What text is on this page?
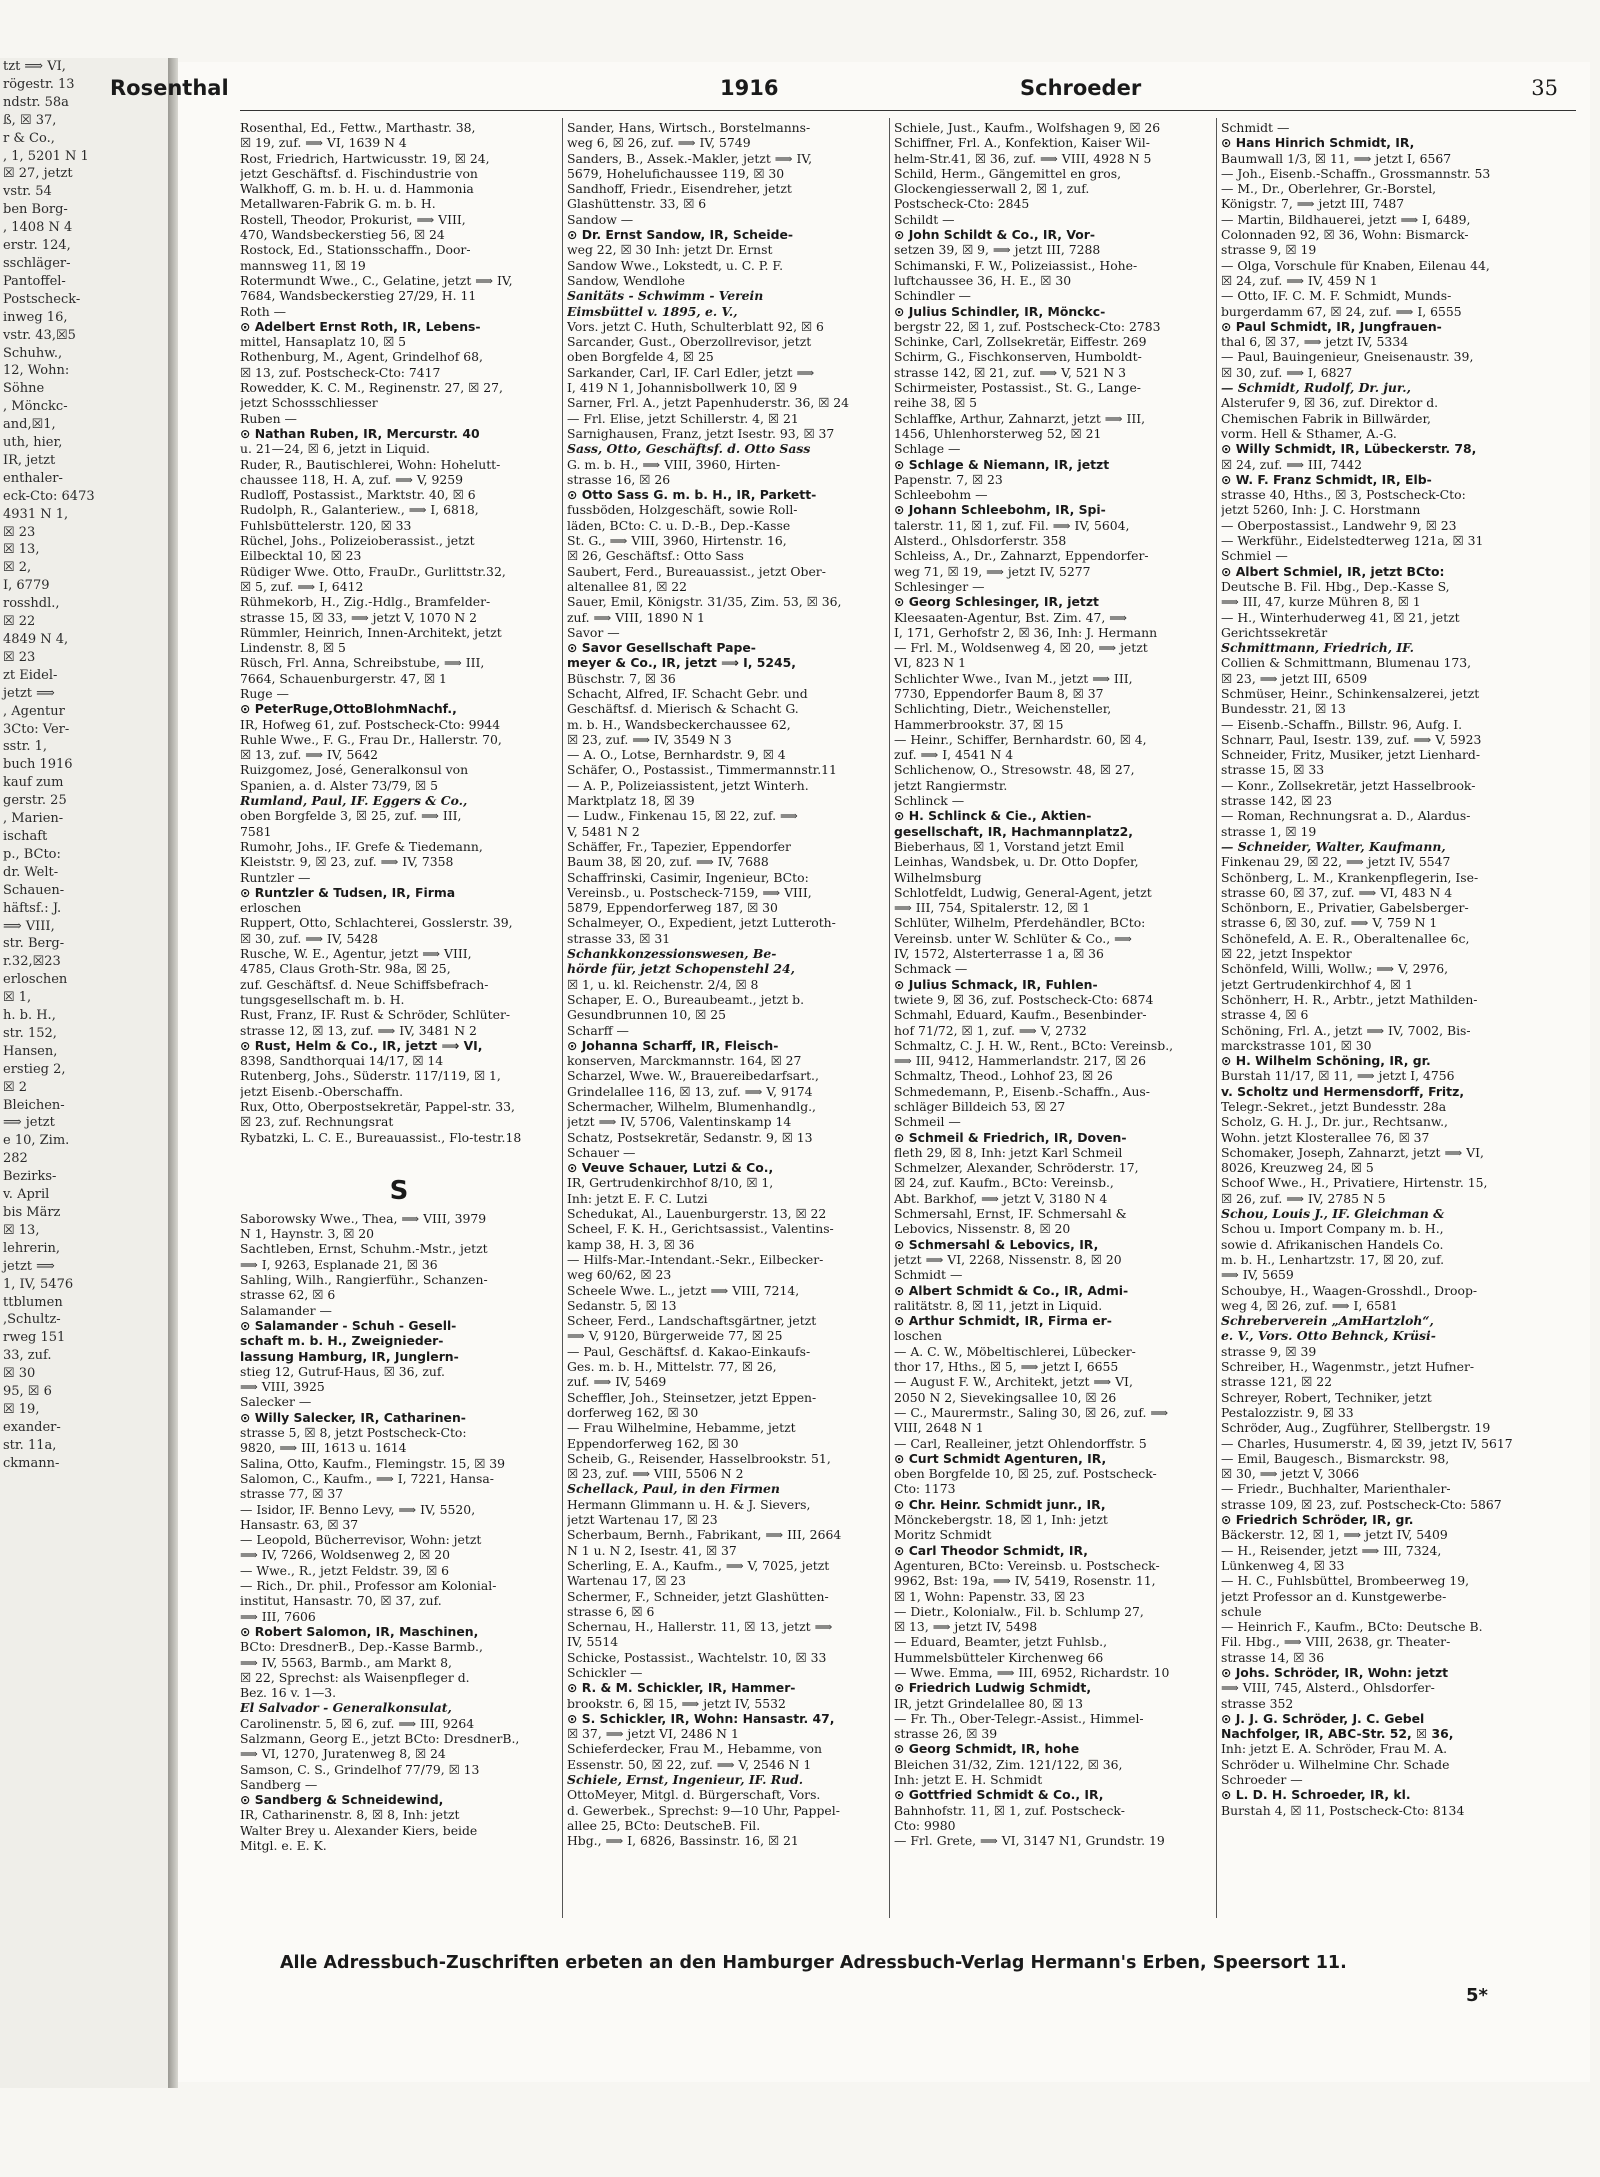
tzt ⟹ VI,
rögestr. 13
ndstr. 58a
ß, ☒ 37,
r & Co.,
, 1, 5201 N 1
☒ 27, jetzt
vstr. 54
ben Borg-
, 1408 N 4
erstr. 124,
sschläger-
Pantoffel-
Postscheck-
inweg 16,
vstr. 43,☒5
Schuhw.,
12, Wohn:
Söhne
, Mönckc-
and,☒1,
uth, hier,
IR, jetzt
enthaler-
eck-Cto: 6473
4931 N 1,
☒ 23
☒ 13,
☒ 2,
I, 6779
rosshdl.,
☒ 22
4849 N 4,
☒ 23
zt Eidel-
jetzt ⟹
, Agentur
3Cto: Ver-
sstr. 1,
buch 1916
kauf zum
gerstr. 25
, Marien-
ischaft
p., BCto:
dr. Welt-
Schauen-
häftsf.: J.
⟹ VIII,
str. Berg-
r.32,☒23
erloschen
☒ 1,
h. b. H.,
str. 152,
Hansen,
erstieg 2,
☒ 2
Bleichen-
⟹ jetzt
e 10, Zim.
282
Bezirks-
v. April
bis März
☒ 13,
lehrerin,
jetzt ⟹
1, IV, 5476
ttblumen
,Schultz-
rweg 151
33, zuf.
☒ 30
95, ☒ 6
☒ 19,
exander-
str. 11a,
ckmann-
Rosenthal	1916	Schroeder	35
Rosenthal, Ed., Fettw., Marthastr. 38,
☒ 19, zuf. ⟹ VI, 1639 N 4
Rost, Friedrich, Hartwicusstr. 19, ☒ 24,
jetzt Geschäftsf. d. Fischindustrie von
Walkhoff, G. m. b. H. u. d. Hammonia
Metallwaren-Fabrik G. m. b. H.
Rostell, Theodor, Prokurist, ⟹ VIII,
470, Wandsbeckerstieg 56, ☒ 24
Rostock, Ed., Stationsschaffn., Door-
mannsweg 11, ☒ 19
Rotermundt Wwe., C., Gelatine, jetzt ⟹ IV,
7684, Wandsbeckerstieg 27/29, H. 11
Roth —
⊙ Adelbert Ernst Roth, IR, Lebens-
mittel, Hansaplatz 10, ☒ 5
Rothenburg, M., Agent, Grindelhof 68,
☒ 13, zuf. Postscheck-Cto: 7417
Rowedder, K. C. M., Reginenstr. 27, ☒ 27,
jetzt Schossschliesser
Ruben —
⊙ Nathan Ruben, IR, Mercurstr. 40
u. 21—24, ☒ 6, jetzt in Liquid.
Ruder, R., Bautischlerei, Wohn: Hohelutt-
chaussee 118, H. A, zuf. ⟹ V, 9259
Rudloff, Postassist., Marktstr. 40, ☒ 6
Rudolph, R., Galanteriew., ⟹ I, 6818,
Fuhlsbüttelerstr. 120, ☒ 33
Rüchel, Johs., Polizeioberassist., jetzt
Eilbecktal 10, ☒ 23
Rüdiger Wwe. Otto, FrauDr., Gurlittstr.32,
☒ 5, zuf. ⟹ I, 6412
Rühmekorb, H., Zig.-Hdlg., Bramfelder-
strasse 15, ☒ 33, ⟹ jetzt V, 1070 N 2
Rümmler, Heinrich, Innen-Architekt, jetzt
Lindenstr. 8, ☒ 5
Rüsch, Frl. Anna, Schreibstube, ⟹ III,
7664, Schauenburgerstr. 47, ☒ 1
Ruge —
⊙ PeterRuge,OttoBlohmNachf.,
IR, Hofweg 61, zuf. Postscheck-Cto: 9944
Ruhle Wwe., F. G., Frau Dr., Hallerstr. 70,
☒ 13, zuf. ⟹ IV, 5642
Ruizgomez, José, Generalkonsul von
Spanien, a. d. Alster 73/79, ☒ 5
Rumland, Paul, IF. Eggers & Co.,
oben Borgfelde 3, ☒ 25, zuf. ⟹ III,
7581
Rumohr, Johs., IF. Grefe & Tiedemann,
Kleiststr. 9, ☒ 23, zuf. ⟹ IV, 7358
Runtzler —
⊙ Runtzler & Tudsen, IR, Firma
erloschen
Ruppert, Otto, Schlachterei, Gosslerstr. 39,
☒ 30, zuf. ⟹ IV, 5428
Rusche, W. E., Agentur, jetzt ⟹ VIII,
4785, Claus Groth-Str. 98a, ☒ 25,
zuf. Geschäftsf. d. Neue Schiffsbefrach-
tungsgesellschaft m. b. H.
Rust, Franz, IF. Rust & Schröder, Schlüter-
strasse 12, ☒ 13, zuf. ⟹ IV, 3481 N 2
⊙ Rust, Helm & Co., IR, jetzt ⟹ VI,
8398, Sandthorquai 14/17, ☒ 14
Rutenberg, Johs., Süderstr. 117/119, ☒ 1,
jetzt Eisenb.-Oberschaffn.
Rux, Otto, Oberpostsekretär, Pappel-str. 33,
☒ 23, zuf. Rechnungsrat
Rybatzki, L. C. E., Bureauassist., Flo-testr.18
S
Saborowsky Wwe., Thea, ⟹ VIII, 3979
N 1, Haynstr. 3, ☒ 20
Sachtleben, Ernst, Schuhm.-Mstr., jetzt
⟹ I, 9263, Esplanade 21, ☒ 36
Sahling, Wilh., Rangierführ., Schanzen-
strasse 62, ☒ 6
Salamander —
⊙ Salamander - Schuh - Gesell-
schaft m. b. H., Zweignieder-
lassung Hamburg, IR, Junglern-
stieg 12, Gutruf-Haus, ☒ 36, zuf.
⟹ VIII, 3925
Salecker —
⊙ Willy Salecker, IR, Catharinen-
strasse 5, ☒ 8, jetzt Postscheck-Cto:
9820, ⟹ III, 1613 u. 1614
Salina, Otto, Kaufm., Flemingstr. 15, ☒ 39
Salomon, C., Kaufm., ⟹ I, 7221, Hansa-
strasse 77, ☒ 37
— Isidor, IF. Benno Levy, ⟹ IV, 5520,
Hansastr. 63, ☒ 37
— Leopold, Bücherrevisor, Wohn: jetzt
⟹ IV, 7266, Woldsenweg 2, ☒ 20
— Wwe., R., jetzt Feldstr. 39, ☒ 6
— Rich., Dr. phil., Professor am Kolonial-
institut, Hansastr. 70, ☒ 37, zuf.
⟹ III, 7606
⊙ Robert Salomon, IR, Maschinen,
BCto: DresdnerB., Dep.-Kasse Barmb.,
⟹ IV, 5563, Barmb., am Markt 8,
☒ 22, Sprechst: als Waisenpfleger d.
Bez. 16 v. 1—3.
El Salvador - Generalkonsulat,
Carolinenstr. 5, ☒ 6, zuf. ⟹ III, 9264
Salzmann, Georg E., jetzt BCto: DresdnerB.,
⟹ VI, 1270, Juratenweg 8, ☒ 24
Samson, C. S., Grindelhof 77/79, ☒ 13
Sandberg —
⊙ Sandberg & Schneidewind,
IR, Catharinenstr. 8, ☒ 8, Inh: jetzt
Walter Brey u. Alexander Kiers, beide
Mitgl. e. E. K.
Sander, Hans, Wirtsch., Borstelmanns-
weg 6, ☒ 26, zuf. ⟹ IV, 5749
Sanders, B., Assek.-Makler, jetzt ⟹ IV,
5679, Hohelufichaussee 119, ☒ 30
Sandhoff, Friedr., Eisendreher, jetzt
Glashüttenstr. 33, ☒ 6
Sandow —
⊙ Dr. Ernst Sandow, IR, Scheide-
weg 22, ☒ 30 Inh: jetzt Dr. Ernst
Sandow Wwe., Lokstedt, u. C. P. F.
Sandow, Wendlohe
Sanitäts - Schwimm - Verein
Eimsbüttel v. 1895, e. V.,
Vors. jetzt C. Huth, Schulterblatt 92, ☒ 6
Sarcander, Gust., Oberzollrevisor, jetzt
oben Borgfelde 4, ☒ 25
Sarkander, Carl, IF. Carl Edler, jetzt ⟹
I, 419 N 1, Johannisbollwerk 10, ☒ 9
Sarner, Frl. A., jetzt Papenhuderstr. 36, ☒ 24
— Frl. Elise, jetzt Schillerstr. 4, ☒ 21
Sarnighausen, Franz, jetzt Isestr. 93, ☒ 37
Sass, Otto, Geschäftsf. d. Otto Sass
G. m. b. H., ⟹ VIII, 3960, Hirten-
strasse 16, ☒ 26
⊙ Otto Sass G. m. b. H., IR, Parkett-
fussböden, Holzgeschäft, sowie Roll-
läden, BCto: C. u. D.-B., Dep.-Kasse
St. G., ⟹ VIII, 3960, Hirtenstr. 16,
☒ 26, Geschäftsf.: Otto Sass
Saubert, Ferd., Bureauassist., jetzt Ober-
altenallee 81, ☒ 22
Sauer, Emil, Königstr. 31/35, Zim. 53, ☒ 36,
zuf. ⟹ VIII, 1890 N 1
Savor —
⊙ Savor Gesellschaft Pape-
meyer & Co., IR, jetzt ⟹ I, 5245,
Büschstr. 7, ☒ 36
Schacht, Alfred, IF. Schacht Gebr. und
Geschäftsf. d. Mierisch & Schacht G.
m. b. H., Wandsbeckerchaussee 62,
☒ 23, zuf. ⟹ IV, 3549 N 3
— A. O., Lotse, Bernhardstr. 9, ☒ 4
Schäfer, O., Postassist., Timmermannstr.11
— A. P., Polizeiassistent, jetzt Winterh.
Marktplatz 18, ☒ 39
— Ludw., Finkenau 15, ☒ 22, zuf. ⟹
V, 5481 N 2
Schäffer, Fr., Tapezier, Eppendorfer
Baum 38, ☒ 20, zuf. ⟹ IV, 7688
Schaffrinski, Casimir, Ingenieur, BCto:
Vereinsb., u. Postscheck-7159, ⟹ VIII,
5879, Eppendorferweg 187, ☒ 30
Schalmeyer, O., Expedient, jetzt Lutteroth-
strasse 33, ☒ 31
Schankkonzessionswesen, Be-
hörde für, jetzt Schopenstehl 24,
☒ 1, u. kl. Reichenstr. 2/4, ☒ 8
Schaper, E. O., Bureaubeamt., jetzt b.
Gesundbrunnen 10, ☒ 25
Scharff —
⊙ Johanna Scharff, IR, Fleisch-
konserven, Marckmannstr. 164, ☒ 27
Scharzel, Wwe. W., Brauereibedarfsart.,
Grindelallee 116, ☒ 13, zuf. ⟹ V, 9174
Schermacher, Wilhelm, Blumenhandlg.,
jetzt ⟹ IV, 5706, Valentinskamp 14
Schatz, Postsekretär, Sedanstr. 9, ☒ 13
Schauer —
⊙ Veuve Schauer, Lutzi & Co.,
IR, Gertrudenkirchhof 8/10, ☒ 1,
Inh: jetzt E. F. C. Lutzi
Schedukat, Al., Lauenburgerstr. 13, ☒ 22
Scheel, F. K. H., Gerichtsassist., Valentins-
kamp 38, H. 3, ☒ 36
— Hilfs-Mar.-Intendant.-Sekr., Eilbecker-
weg 60/62, ☒ 23
Scheele Wwe. L., jetzt ⟹ VIII, 7214,
Sedanstr. 5, ☒ 13
Scheer, Ferd., Landschaftsgärtner, jetzt
⟹ V, 9120, Bürgerweide 77, ☒ 25
— Paul, Geschäftsf. d. Kakao-Einkaufs-
Ges. m. b. H., Mittelstr. 77, ☒ 26,
zuf. ⟹ IV, 5469
Scheffler, Joh., Steinsetzer, jetzt Eppen-
dorferweg 162, ☒ 30
— Frau Wilhelmine, Hebamme, jetzt
Eppendorferweg 162, ☒ 30
Scheib, G., Reisender, Hasselbrookstr. 51,
☒ 23, zuf. ⟹ VIII, 5506 N 2
Schellack, Paul, in den Firmen
Hermann Glimmann u. H. & J. Sievers,
jetzt Wartenau 17, ☒ 23
Scherbaum, Bernh., Fabrikant, ⟹ III, 2664
N 1 u. N 2, Isestr. 41, ☒ 37
Scherling, E. A., Kaufm., ⟹ V, 7025, jetzt
Wartenau 17, ☒ 23
Schermer, F., Schneider, jetzt Glashütten-
strasse 6, ☒ 6
Schernau, H., Hallerstr. 11, ☒ 13, jetzt ⟹
IV, 5514
Schicke, Postassist., Wachtelstr. 10, ☒ 33
Schickler —
⊙ R. & M. Schickler, IR, Hammer-
brookstr. 6, ☒ 15, ⟹ jetzt IV, 5532
⊙ S. Schickler, IR, Wohn: Hansastr. 47,
☒ 37, ⟹ jetzt VI, 2486 N 1
Schieferdecker, Frau M., Hebamme, von
Essenstr. 50, ☒ 22, zuf. ⟹ V, 2546 N 1
Schiele, Ernst, Ingenieur, IF. Rud.
OttoMeyer, Mitgl. d. Bürgerschaft, Vors.
d. Gewerbek., Sprechst: 9—10 Uhr, Pappel-
allee 25, BCto: DeutscheB. Fil.
Hbg., ⟹ I, 6826, Bassinstr. 16, ☒ 21
Schiele, Just., Kaufm., Wolfshagen 9, ☒ 26
Schiffner, Frl. A., Konfektion, Kaiser Wil-
helm-Str.41, ☒ 36, zuf. ⟹ VIII, 4928 N 5
Schild, Herm., Gängemittel en gros,
Glockengiesserwall 2, ☒ 1, zuf.
Postscheck-Cto: 2845
Schildt —
⊙ John Schildt & Co., IR, Vor-
setzen 39, ☒ 9, ⟹ jetzt III, 7288
Schimanski, F. W., Polizeiassist., Hohe-
luftchaussee 36, H. E., ☒ 30
Schindler —
⊙ Julius Schindler, IR, Mönckc-
bergstr 22, ☒ 1, zuf. Postscheck-Cto: 2783
Schinke, Carl, Zollsekretär, Eiffestr. 269
Schirm, G., Fischkonserven, Humboldt-
strasse 142, ☒ 21, zuf. ⟹ V, 521 N 3
Schirmeister, Postassist., St. G., Lange-
reihe 38, ☒ 5
Schlaffke, Arthur, Zahnarzt, jetzt ⟹ III,
1456, Uhlenhorsterweg 52, ☒ 21
Schlage —
⊙ Schlage & Niemann, IR, jetzt
Papenstr. 7, ☒ 23
Schleebohm —
⊙ Johann Schleebohm, IR, Spi-
talerstr. 11, ☒ 1, zuf. Fil. ⟹ IV, 5604,
Alsterd., Ohlsdorferstr. 358
Schleiss, A., Dr., Zahnarzt, Eppendorfer-
weg 71, ☒ 19, ⟹ jetzt IV, 5277
Schlesinger —
⊙ Georg Schlesinger, IR, jetzt
Kleesaaten-Agentur, Bst. Zim. 47, ⟹
I, 171, Gerhofstr 2, ☒ 36, Inh: J. Hermann
— Frl. M., Woldsenweg 4, ☒ 20, ⟹ jetzt
VI, 823 N 1
Schlichter Wwe., Ivan M., jetzt ⟹ III,
7730, Eppendorfer Baum 8, ☒ 37
Schlichting, Dietr., Weichensteller,
Hammerbrookstr. 37, ☒ 15
— Heinr., Schiffer, Bernhardstr. 60, ☒ 4,
zuf. ⟹ I, 4541 N 4
Schlichenow, O., Stresowstr. 48, ☒ 27,
jetzt Rangiermstr.
Schlinck —
⊙ H. Schlinck & Cie., Aktien-
gesellschaft, IR, Hachmannplatz2,
Bieberhaus, ☒ 1, Vorstand jetzt Emil
Leinhas, Wandsbek, u. Dr. Otto Dopfer,
Wilhelmsburg
Schlotfeldt, Ludwig, General-Agent, jetzt
⟹ III, 754, Spitalerstr. 12, ☒ 1
Schlüter, Wilhelm, Pferdehändler, BCto:
Vereinsb. unter W. Schlüter & Co., ⟹
IV, 1572, Alsterterrasse 1 a, ☒ 36
Schmack —
⊙ Julius Schmack, IR, Fuhlen-
twiete 9, ☒ 36, zuf. Postscheck-Cto: 6874
Schmahl, Eduard, Kaufm., Besenbinder-
hof 71/72, ☒ 1, zuf. ⟹ V, 2732
Schmaltz, C. J. H. W., Rent., BCto: Vereinsb.,
⟹ III, 9412, Hammerlandstr. 217, ☒ 26
Schmaltz, Theod., Lohhof 23, ☒ 26
Schmedemann, P., Eisenb.-Schaffn., Aus-
schläger Billdeich 53, ☒ 27
Schmeil —
⊙ Schmeil & Friedrich, IR, Doven-
fleth 29, ☒ 8, Inh: jetzt Karl Schmeil
Schmelzer, Alexander, Schröderstr. 17,
☒ 24, zuf. Kaufm., BCto: Vereinsb.,
Abt. Barkhof, ⟹ jetzt V, 3180 N 4
Schmersahl, Ernst, IF. Schmersahl &
Lebovics, Nissenstr. 8, ☒ 20
⊙ Schmersahl & Lebovics, IR,
jetzt ⟹ VI, 2268, Nissenstr. 8, ☒ 20
Schmidt —
⊙ Albert Schmidt & Co., IR, Admi-
ralitätstr. 8, ☒ 11, jetzt in Liquid.
⊙ Arthur Schmidt, IR, Firma er-
loschen
— A. C. W., Möbeltischlerei, Lübecker-
thor 17, Hths., ☒ 5, ⟹ jetzt I, 6655
— August F. W., Architekt, jetzt ⟹ VI,
2050 N 2, Sievekingsallee 10, ☒ 26
— C., Maurermstr., Saling 30, ☒ 26, zuf. ⟹
VIII, 2648 N 1
— Carl, Realleiner, jetzt Ohlendorffstr. 5
⊙ Curt Schmidt Agenturen, IR,
oben Borgfelde 10, ☒ 25, zuf. Postscheck-
Cto: 1173
⊙ Chr. Heinr. Schmidt junr., IR,
Mönckebergstr. 18, ☒ 1, Inh: jetzt
Moritz Schmidt
⊙ Carl Theodor Schmidt, IR,
Agenturen, BCto: Vereinsb. u. Postscheck-
9962, Bst: 19a, ⟹ IV, 5419, Rosenstr. 11,
☒ 1, Wohn: Papenstr. 33, ☒ 23
— Dietr., Kolonialw., Fil. b. Schlump 27,
☒ 13, ⟹ jetzt IV, 5498
— Eduard, Beamter, jetzt Fuhlsb.,
Hummelsbütteler Kirchenweg 66
— Wwe. Emma, ⟹ III, 6952, Richardstr. 10
⊙ Friedrich Ludwig Schmidt,
IR, jetzt Grindelallee 80, ☒ 13
— Fr. Th., Ober-Telegr.-Assist., Himmel-
strasse 26, ☒ 39
⊙ Georg Schmidt, IR, hohe
Bleichen 31/32, Zim. 121/122, ☒ 36,
Inh: jetzt E. H. Schmidt
⊙ Gottfried Schmidt & Co., IR,
Bahnhofstr. 11, ☒ 1, zuf. Postscheck-
Cto: 9980
— Frl. Grete, ⟹ VI, 3147 N1, Grundstr. 19
Schmidt —
⊙ Hans Hinrich Schmidt, IR,
Baumwall 1/3, ☒ 11, ⟹ jetzt I, 6567
— Joh., Eisenb.-Schaffn., Grossmannstr. 53
— M., Dr., Oberlehrer, Gr.-Borstel,
Königstr. 7, ⟹ jetzt III, 7487
— Martin, Bildhauerei, jetzt ⟹ I, 6489,
Colonnaden 92, ☒ 36, Wohn: Bismarck-
strasse 9, ☒ 19
— Olga, Vorschule für Knaben, Eilenau 44,
☒ 24, zuf. ⟹ IV, 459 N 1
— Otto, IF. C. M. F. Schmidt, Munds-
burgerdamm 67, ☒ 24, zuf. ⟹ I, 6555
⊙ Paul Schmidt, IR, Jungfrauen-
thal 6, ☒ 37, ⟹ jetzt IV, 5334
— Paul, Bauingenieur, Gneisenaustr. 39,
☒ 30, zuf. ⟹ I, 6827
— Schmidt, Rudolf, Dr. jur.,
Alsterufer 9, ☒ 36, zuf. Direktor d.
Chemischen Fabrik in Billwärder,
vorm. Hell & Sthamer, A.-G.
⊙ Willy Schmidt, IR, Lübeckerstr. 78,
☒ 24, zuf. ⟹ III, 7442
⊙ W. F. Franz Schmidt, IR, Elb-
strasse 40, Hths., ☒ 3, Postscheck-Cto:
jetzt 5260, Inh: J. C. Horstmann
— Oberpostassist., Landwehr 9, ☒ 23
— Werkführ., Eidelstedterweg 121a, ☒ 31
Schmiel —
⊙ Albert Schmiel, IR, jetzt BCto:
Deutsche B. Fil. Hbg., Dep.-Kasse S,
⟹ III, 47, kurze Mühren 8, ☒ 1
— H., Winterhuderweg 41, ☒ 21, jetzt
Gerichtssekretär
Schmittmann, Friedrich, IF.
Collien & Schmittmann, Blumenau 173,
☒ 23, ⟹ jetzt III, 6509
Schmüser, Heinr., Schinkensalzerei, jetzt
Bundesstr. 21, ☒ 13
— Eisenb.-Schaffn., Billstr. 96, Aufg. I.
Schnarr, Paul, Isestr. 139, zuf. ⟹ V, 5923
Schneider, Fritz, Musiker, jetzt Lienhard-
strasse 15, ☒ 33
— Konr., Zollsekretär, jetzt Hasselbrook-
strasse 142, ☒ 23
— Roman, Rechnungsrat a. D., Alardus-
strasse 1, ☒ 19
— Schneider, Walter, Kaufmann,
Finkenau 29, ☒ 22, ⟹ jetzt IV, 5547
Schönberg, L. M., Krankenpflegerin, Ise-
strasse 60, ☒ 37, zuf. ⟹ VI, 483 N 4
Schönborn, E., Privatier, Gabelsberger-
strasse 6, ☒ 30, zuf. ⟹ V, 759 N 1
Schönefeld, A. E. R., Oberaltenallee 6c,
☒ 22, jetzt Inspektor
Schönfeld, Willi, Wollw.; ⟹ V, 2976,
jetzt Gertrudenkirchhof 4, ☒ 1
Schönherr, H. R., Arbtr., jetzt Mathilden-
strasse 4, ☒ 6
Schöning, Frl. A., jetzt ⟹ IV, 7002, Bis-
marckstrasse 101, ☒ 30
⊙ H. Wilhelm Schöning, IR, gr.
Burstah 11/17, ☒ 11, ⟹ jetzt I, 4756
v. Scholtz und Hermensdorff, Fritz,
Telegr.-Sekret., jetzt Bundesstr. 28a
Scholz, G. H. J., Dr. jur., Rechtsanw.,
Wohn. jetzt Klosterallee 76, ☒ 37
Schomaker, Joseph, Zahnarzt, jetzt ⟹ VI,
8026, Kreuzweg 24, ☒ 5
Schoof Wwe., H., Privatiere, Hirtenstr. 15,
☒ 26, zuf. ⟹ IV, 2785 N 5
Schou, Louis J., IF. Gleichman &
Schou u. Import Company m. b. H.,
sowie d. Afrikanischen Handels Co.
m. b. H., Lenhartzstr. 17, ☒ 20, zuf.
⟹ IV, 5659
Schoubye, H., Waagen-Grosshdl., Droop-
weg 4, ☒ 26, zuf. ⟹ I, 6581
Schreberverein „AmHartzloh“,
e. V., Vors. Otto Behnck, Krüsi-
strasse 9, ☒ 39
Schreiber, H., Wagenmstr., jetzt Hufner-
strasse 121, ☒ 22
Schreyer, Robert, Techniker, jetzt
Pestalozzistr. 9, ☒ 33
Schröder, Aug., Zugführer, Stellbergstr. 19
— Charles, Husumerstr. 4, ☒ 39, jetzt IV, 5617
— Emil, Baugesch., Bismarckstr. 98,
☒ 30, ⟹ jetzt V, 3066
— Friedr., Buchhalter, Marienthaler-
strasse 109, ☒ 23, zuf. Postscheck-Cto: 5867
⊙ Friedrich Schröder, IR, gr.
Bäckerstr. 12, ☒ 1, ⟹ jetzt IV, 5409
— H., Reisender, jetzt ⟹ III, 7324,
Lünkenweg 4, ☒ 33
— H. C., Fuhlsbüttel, Brombeerweg 19,
jetzt Professor an d. Kunstgewerbe-
schule
— Heinrich F., Kaufm., BCto: Deutsche B.
Fil. Hbg., ⟹ VIII, 2638, gr. Theater-
strasse 14, ☒ 36
⊙ Johs. Schröder, IR, Wohn: jetzt
⟹ VIII, 745, Alsterd., Ohlsdorfer-
strasse 352
⊙ J. J. G. Schröder, J. C. Gebel
Nachfolger, IR, ABC-Str. 52, ☒ 36,
Inh: jetzt E. A. Schröder, Frau M. A.
Schröder u. Wilhelmine Chr. Schade
Schroeder —
⊙ L. D. H. Schroeder, IR, kl.
Burstah 4, ☒ 11, Postscheck-Cto: 8134
Alle Adressbuch-Zuschriften erbeten an den Hamburger Adressbuch-Verlag Hermann's Erben, Speersort 11.
5*
